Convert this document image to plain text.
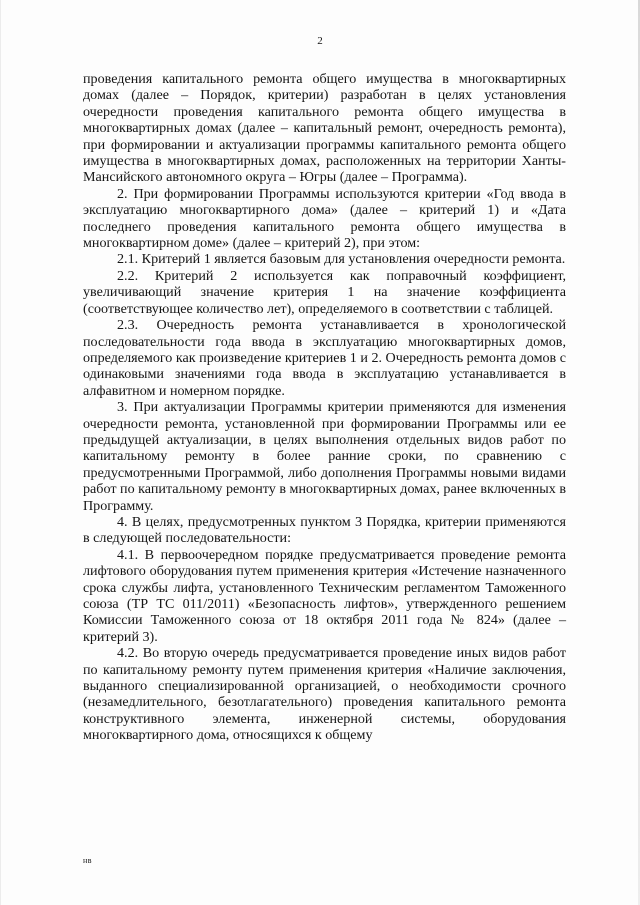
2

проведения капитального ремонта общего имущества в многоквартирных домах (далее – Порядок, критерии) разработан в целях установления очередности проведения капитального ремонта общего имущества в многоквартирных домах (далее – капитальный ремонт, очередность ремонта), при формировании и актуализации программы капитального ремонта общего имущества в многоквартирных домах, расположенных на территории Ханты-Мансийского автономного округа – Югры (далее – Программа).

2. При формировании Программы используются критерии «Год ввода в эксплуатацию многоквартирного дома» (далее – критерий 1) и «Дата последнего проведения капитального ремонта общего имущества в многоквартирном доме» (далее – критерий 2), при этом:

2.1. Критерий 1 является базовым для установления очередности ремонта.

2.2. Критерий 2 используется как поправочный коэффициент, увеличивающий значение критерия 1 на значение коэффициента (соответствующее количество лет), определяемого в соответствии с таблицей.

2.3. Очередность ремонта устанавливается в хронологической последовательности года ввода в эксплуатацию многоквартирных домов, определяемого как произведение критериев 1 и 2. Очередность ремонта домов с одинаковыми значениями года ввода в эксплуатацию устанавливается в алфавитном и номерном порядке.

3. При актуализации Программы критерии применяются для изменения очередности ремонта, установленной при формировании Программы или ее предыдущей актуализации, в целях выполнения отдельных видов работ по капитальному ремонту в более ранние сроки, по сравнению с предусмотренными Программой, либо дополнения Программы новыми видами работ по капитальному ремонту в многоквартирных домах, ранее включенных в Программу.

4. В целях, предусмотренных пунктом 3 Порядка, критерии применяются в следующей последовательности:

4.1. В первоочередном порядке предусматривается проведение ремонта лифтового оборудования путем применения критерия «Истечение назначенного срока службы лифта, установленного Техническим регламентом Таможенного союза (ТР ТС 011/2011) «Безопасность лифтов», утвержденного решением Комиссии Таможенного союза от 18 октября 2011 года № 824» (далее – критерий 3).

4.2. Во вторую очередь предусматривается проведение иных видов работ по капитальному ремонту путем применения критерия «Наличие заключения, выданного специализированной организацией, о необходимости срочного (незамедлительного, безотлагательного) проведения капитального ремонта конструктивного элемента, инженерной системы, оборудования многоквартирного дома, относящихся к общему

нв
